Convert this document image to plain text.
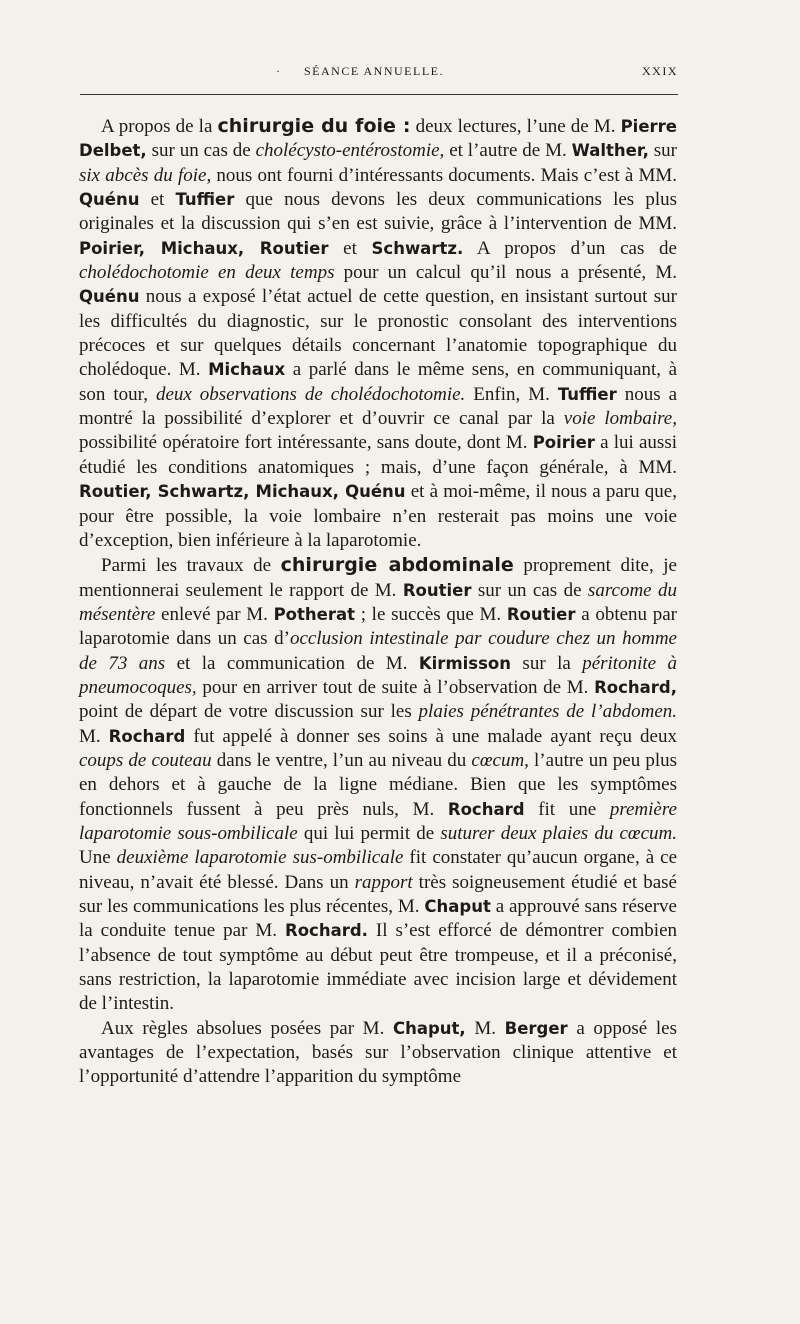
· SÉANCE ANNUELLE.	XXIX

A propos de la chirurgie du foie : deux lectures, l’une de M. Pierre Delbet, sur un cas de cholécysto-entérostomie, et l’autre de M. Walther, sur six abcès du foie, nous ont fourni d’intéressants documents. Mais c’est à MM. Quénu et Tuffier que nous devons les deux communications les plus originales et la discussion qui s’en est suivie, grâce à l’intervention de MM. Poirier, Michaux, Routier et Schwartz. A propos d’un cas de cholédochotomie en deux temps pour un calcul qu’il nous a présenté, M. Quénu nous a exposé l’état actuel de cette question, en insistant surtout sur les difficultés du diagnostic, sur le pronostic consolant des interventions précoces et sur quelques détails concernant l’anatomie topographique du cholédoque. M. Michaux a parlé dans le même sens, en communiquant, à son tour, deux observations de cholédochotomie. Enfin, M. Tuffier nous a montré la possibilité d’explorer et d’ouvrir ce canal par la voie lombaire, possibilité opératoire fort intéressante, sans doute, dont M. Poirier a lui aussi étudié les conditions anatomiques ; mais, d’une façon générale, à MM. Routier, Schwartz, Michaux, Quénu et à moi-même, il nous a paru que, pour être possible, la voie lombaire n’en resterait pas moins une voie d’exception, bien inférieure à la laparotomie.

Parmi les travaux de chirurgie abdominale proprement dite, je mentionnerai seulement le rapport de M. Routier sur un cas de sarcome du mésentère enlevé par M. Potherat ; le succès que M. Routier a obtenu par laparotomie dans un cas d’occlusion intestinale par coudure chez un homme de 73 ans et la communication de M. Kirmisson sur la péritonite à pneumocoques, pour en arriver tout de suite à l’observation de M. Rochard, point de départ de votre discussion sur les plaies pénétrantes de l’abdomen. M. Rochard fut appelé à donner ses soins à une malade ayant reçu deux coups de couteau dans le ventre, l’un au niveau du cœcum, l’autre un peu plus en dehors et à gauche de la ligne médiane. Bien que les symptômes fonctionnels fussent à peu près nuls, M. Rochard fit une première laparotomie sous-ombilicale qui lui permit de suturer deux plaies du cœcum. Une deuxième laparotomie sus-ombilicale fit constater qu’aucun organe, à ce niveau, n’avait été blessé. Dans un rapport très soigneusement étudié et basé sur les communications les plus récentes, M. Chaput a approuvé sans réserve la conduite tenue par M. Rochard. Il s’est efforcé de démontrer combien l’absence de tout symptôme au début peut être trompeuse, et il a préconisé, sans restriction, la laparotomie immédiate avec incision large et dévidement de l’intestin.

Aux règles absolues posées par M. Chaput, M. Berger a opposé les avantages de l’expectation, basés sur l’observation clinique attentive et l’opportunité d’attendre l’apparition du symptôme
